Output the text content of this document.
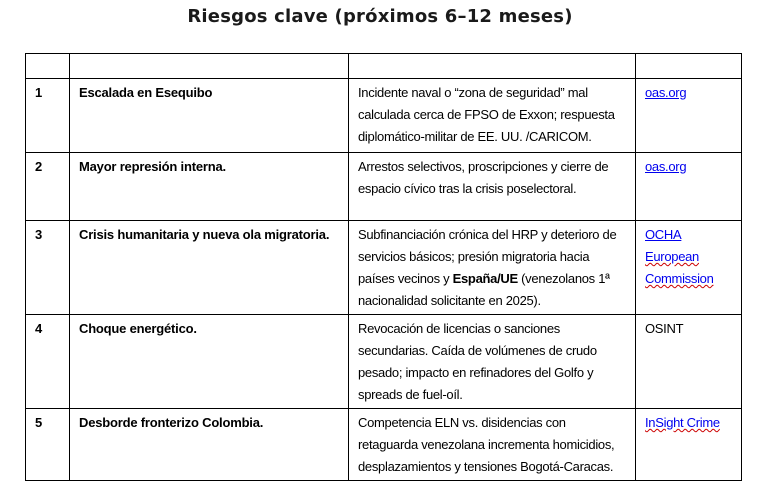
Riesgos clave (próximos 6–12 meses)

1	Escalada en Esequibo	Incidente naval o “zona de seguridad” mal calculada cerca de FPSO de Exxon; respuesta diplomático-militar de EE. UU. /CARICOM.	oas.org

2	Mayor represión interna.	Arrestos selectivos, proscripciones y cierre de espacio cívico tras la crisis poselectoral.	oas.org

3	Crisis humanitaria y nueva ola migratoria.	Subfinanciación crónica del HRP y deterioro de servicios básicos; presión migratoria hacia países vecinos y España/UE (venezolanos 1ª nacionalidad solicitante en 2025).	OCHA
European Commission

4	Choque energético.	Revocación de licencias o sanciones secundarias. Caída de volúmenes de crudo pesado; impacto en refinadores del Golfo y spreads de fuel-oíl.	OSINT

5	Desborde fronterizo Colombia.	Competencia ELN vs. disidencias con retaguarda venezolana incrementa homicidios, desplazamientos y tensiones Bogotá-Caracas.	InSight Crime
